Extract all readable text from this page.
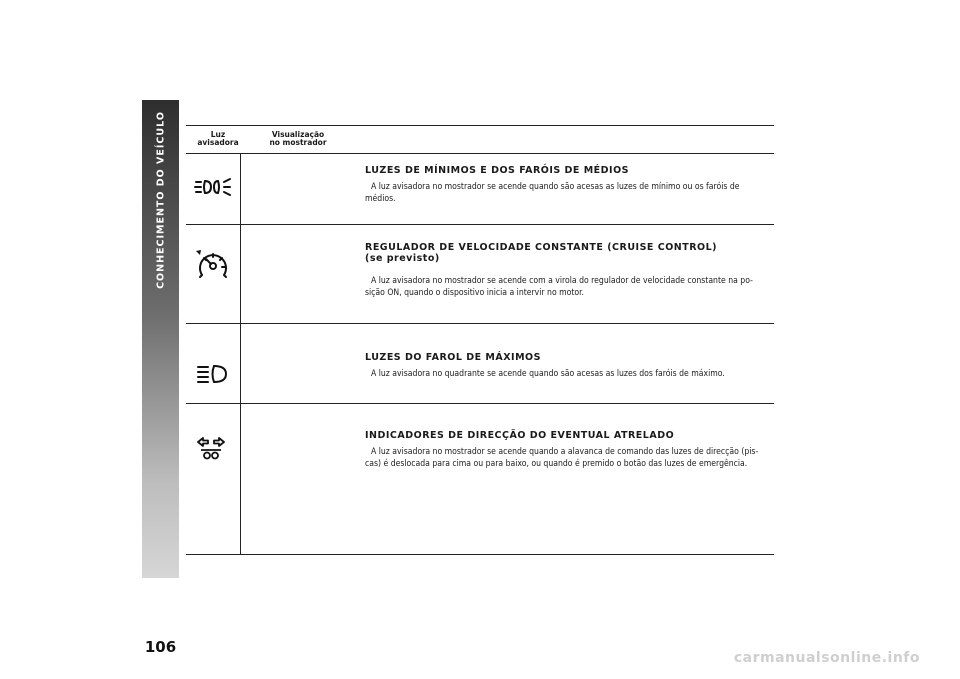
CONHECIMENTO DO VEÍCULO
106
Luz
avisadora
Visualização
no mostrador
LUZES DE MÍNIMOS E DOS FARÓIS DE MÉDIOS
A luz avisadora no mostrador se acende quando são acesas as luzes de mínimo ou os faróis de
médios.
REGULADOR DE VELOCIDADE CONSTANTE (CRUISE CONTROL)
(se previsto)
A luz avisadora no mostrador se acende com a virola do regulador de velocidade constante na po-
sição ON, quando o dispositivo inicia a intervir no motor.
LUZES DO FAROL DE MÁXIMOS
A luz avisadora no quadrante se acende quando são acesas as luzes dos faróis de máximo.
INDICADORES DE DIRECÇÃO DO EVENTUAL ATRELADO
A luz avisadora no mostrador se acende quando a alavanca de comando das luzes de direcção (pis-
cas) é deslocada para cima ou para baixo, ou quando é premido o botão das luzes de emergência.
carmanualsonline.info
